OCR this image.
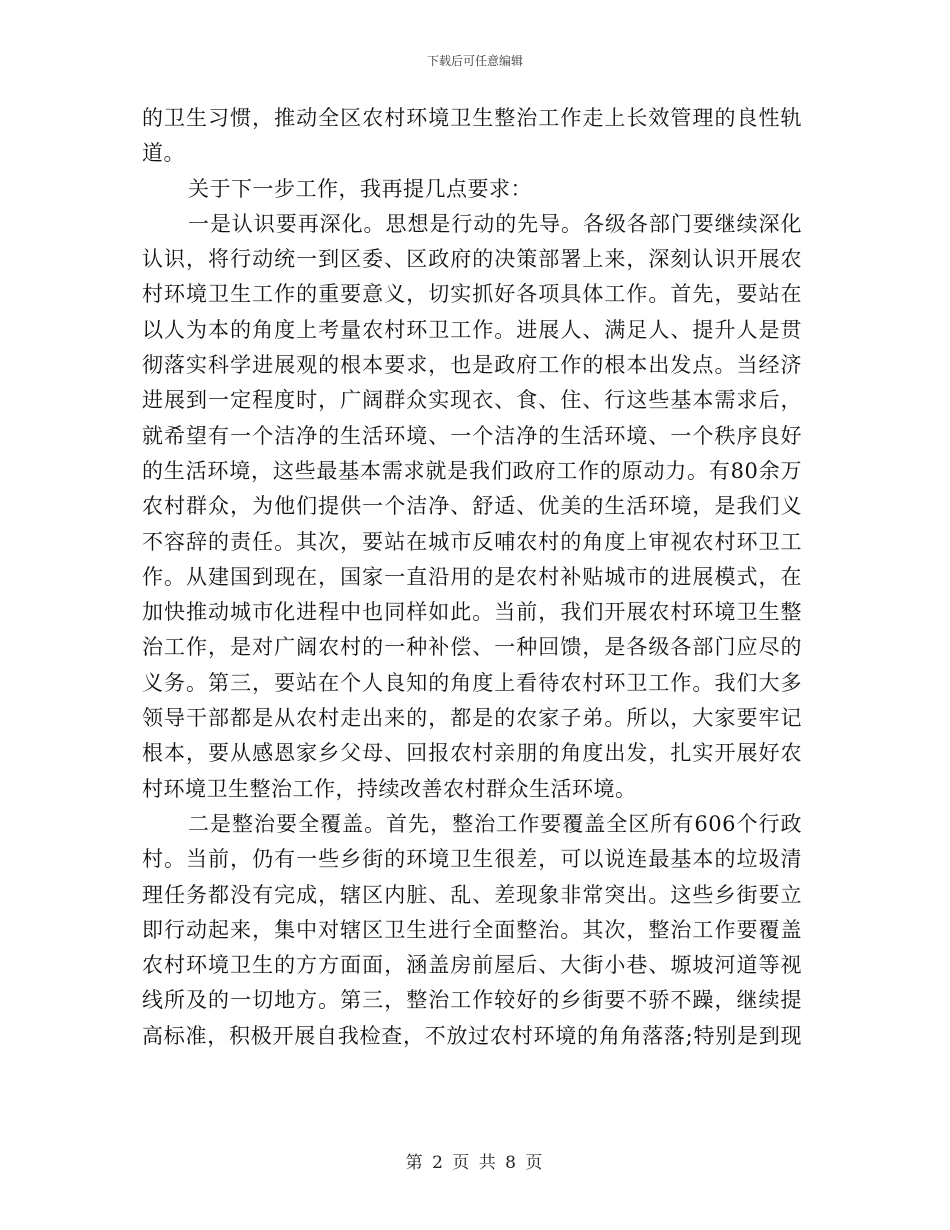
下载后可任意编辑
的卫生习惯，推动全区农村环境卫生整治工作走上长效管理的良性轨
道。
关于下一步工作，我再提几点要求：
一是认识要再深化。思想是行动的先导。各级各部门要继续深化
认识，将行动统一到区委、区政府的决策部署上来，深刻认识开展农
村环境卫生工作的重要意义，切实抓好各项具体工作。首先，要站在
以人为本的角度上考量农村环卫工作。进展人、满足人、提升人是贯
彻落实科学进展观的根本要求，也是政府工作的根本出发点。当经济
进展到一定程度时，广阔群众实现衣、食、住、行这些基本需求后，
就希望有一个洁净的生活环境、一个洁净的生活环境、一个秩序良好
的生活环境，这些最基本需求就是我们政府工作的原动力。有80余万
农村群众，为他们提供一个洁净、舒适、优美的生活环境，是我们义
不容辞的责任。其次，要站在城市反哺农村的角度上审视农村环卫工
作。从建国到现在，国家一直沿用的是农村补贴城市的进展模式，在
加快推动城市化进程中也同样如此。当前，我们开展农村环境卫生整
治工作，是对广阔农村的一种补偿、一种回馈，是各级各部门应尽的
义务。第三，要站在个人良知的角度上看待农村环卫工作。我们大多
领导干部都是从农村走出来的，都是的农家子弟。所以，大家要牢记
根本，要从感恩家乡父母、回报农村亲朋的角度出发，扎实开展好农
村环境卫生整治工作，持续改善农村群众生活环境。
二是整治要全覆盖。首先，整治工作要覆盖全区所有606个行政
村。当前，仍有一些乡街的环境卫生很差，可以说连最基本的垃圾清
理任务都没有完成，辖区内脏、乱、差现象非常突出。这些乡街要立
即行动起来，集中对辖区卫生进行全面整治。其次，整治工作要覆盖
农村环境卫生的方方面面，涵盖房前屋后、大街小巷、塬坡河道等视
线所及的一切地方。第三，整治工作较好的乡街要不骄不躁，继续提
高标准，积极开展自我检查，不放过农村环境的角角落落;特别是到现
第 2 页 共 8 页
